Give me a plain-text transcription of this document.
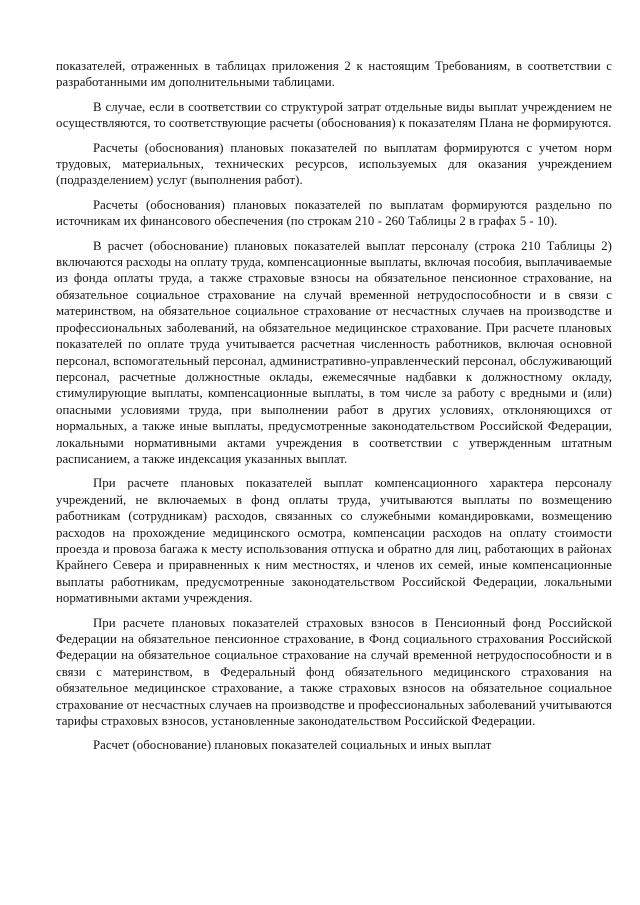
показателей, отраженных в таблицах приложения 2 к настоящим Требованиям, в соответствии с разработанными им дополнительными таблицами.

В случае, если в соответствии со структурой затрат отдельные виды выплат учреждением не осуществляются, то соответствующие расчеты (обоснования) к показателям Плана не формируются.

Расчеты (обоснования) плановых показателей по выплатам формируются с учетом норм трудовых, материальных, технических ресурсов, используемых для оказания учреждением (подразделением) услуг (выполнения работ).

Расчеты (обоснования) плановых показателей по выплатам формируются раздельно по источникам их финансового обеспечения (по строкам 210 - 260 Таблицы 2 в графах 5 - 10).

В расчет (обоснование) плановых показателей выплат персоналу (строка 210 Таблицы 2) включаются расходы на оплату труда, компенсационные выплаты, включая пособия, выплачиваемые из фонда оплаты труда, а также страховые взносы на обязательное пенсионное страхование, на обязательное социальное страхование на случай временной нетрудоспособности и в связи с материнством, на обязательное социальное страхование от несчастных случаев на производстве и профессиональных заболеваний, на обязательное медицинское страхование. При расчете плановых показателей по оплате труда учитывается расчетная численность работников, включая основной персонал, вспомогательный персонал, административно-управленческий персонал, обслуживающий персонал, расчетные должностные оклады, ежемесячные надбавки к должностному окладу, стимулирующие выплаты, компенсационные выплаты, в том числе за работу с вредными и (или) опасными условиями труда, при выполнении работ в других условиях, отклоняющихся от нормальных, а также иные выплаты, предусмотренные законодательством Российской Федерации, локальными нормативными актами учреждения в соответствии с утвержденным штатным расписанием, а также индексация указанных выплат.

При расчете плановых показателей выплат компенсационного характера персоналу учреждений, не включаемых в фонд оплаты труда, учитываются выплаты по возмещению работникам (сотрудникам) расходов, связанных со служебными командировками, возмещению расходов на прохождение медицинского осмотра, компенсации расходов на оплату стоимости проезда и провоза багажа к месту использования отпуска и обратно для лиц, работающих в районах Крайнего Севера и приравненных к ним местностях, и членов их семей, иные компенсационные выплаты работникам, предусмотренные законодательством Российской Федерации, локальными нормативными актами учреждения.

При расчете плановых показателей страховых взносов в Пенсионный фонд Российской Федерации на обязательное пенсионное страхование, в Фонд социального страхования Российской Федерации на обязательное социальное страхование на случай временной нетрудоспособности и в связи с материнством, в Федеральный фонд обязательного медицинского страхования на обязательное медицинское страхование, а также страховых взносов на обязательное социальное страхование от несчастных случаев на производстве и профессиональных заболеваний учитываются тарифы страховых взносов, установленные законодательством Российской Федерации.

Расчет (обоснование) плановых показателей социальных и иных выплат
